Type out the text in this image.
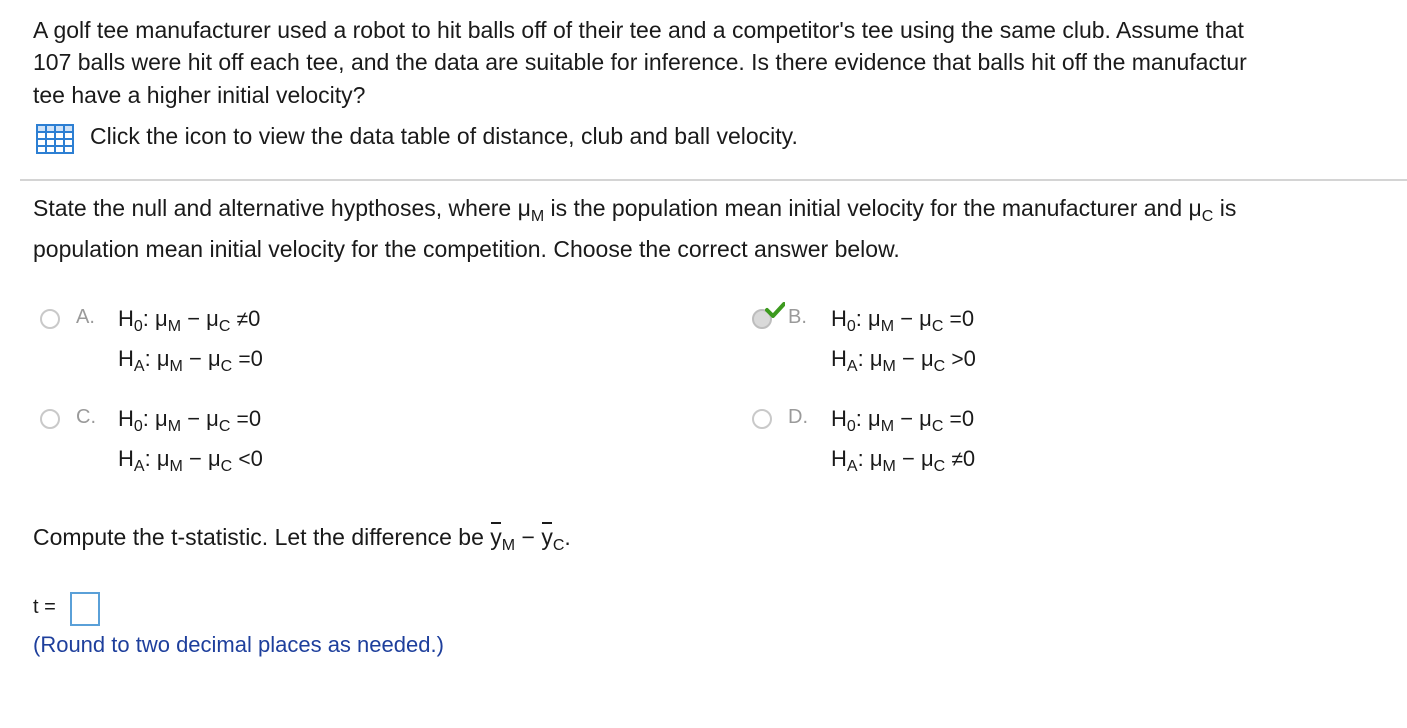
A golf tee manufacturer used a robot to hit balls off of their tee and a competitor's tee using the same club. Assume that
107 balls were hit off each tee, and the data are suitable for inference. Is there evidence that balls hit off the manufactur
tee have a higher initial velocity?
Click the icon to view the data table of distance, club and ball velocity.
State the null and alternative hypthoses, where $\mu_M$ is the population mean initial velocity for the manufacturer and $\mu_C$ is
population mean initial velocity for the competition. Choose the correct answer below.
A. $H_0$: $\mu_M - \mu_C \ne 0$
$H_A$: $\mu_M - \mu_C =0$
B. $H_0$: $\mu_M - \mu_C =0$
$H_A$: $\mu_M - \mu_C >0$
C. $H_0$: $\mu_M - \mu_C =0$
$H_A$: $\mu_M - \mu_C <0$
D. $H_0$: $\mu_M - \mu_C =0$
$H_A$: $\mu_M - \mu_C \ne 0$
Compute the t-statistic. Let the difference be $y_M - y_C$.
t =
(Round to two decimal places as needed.)
